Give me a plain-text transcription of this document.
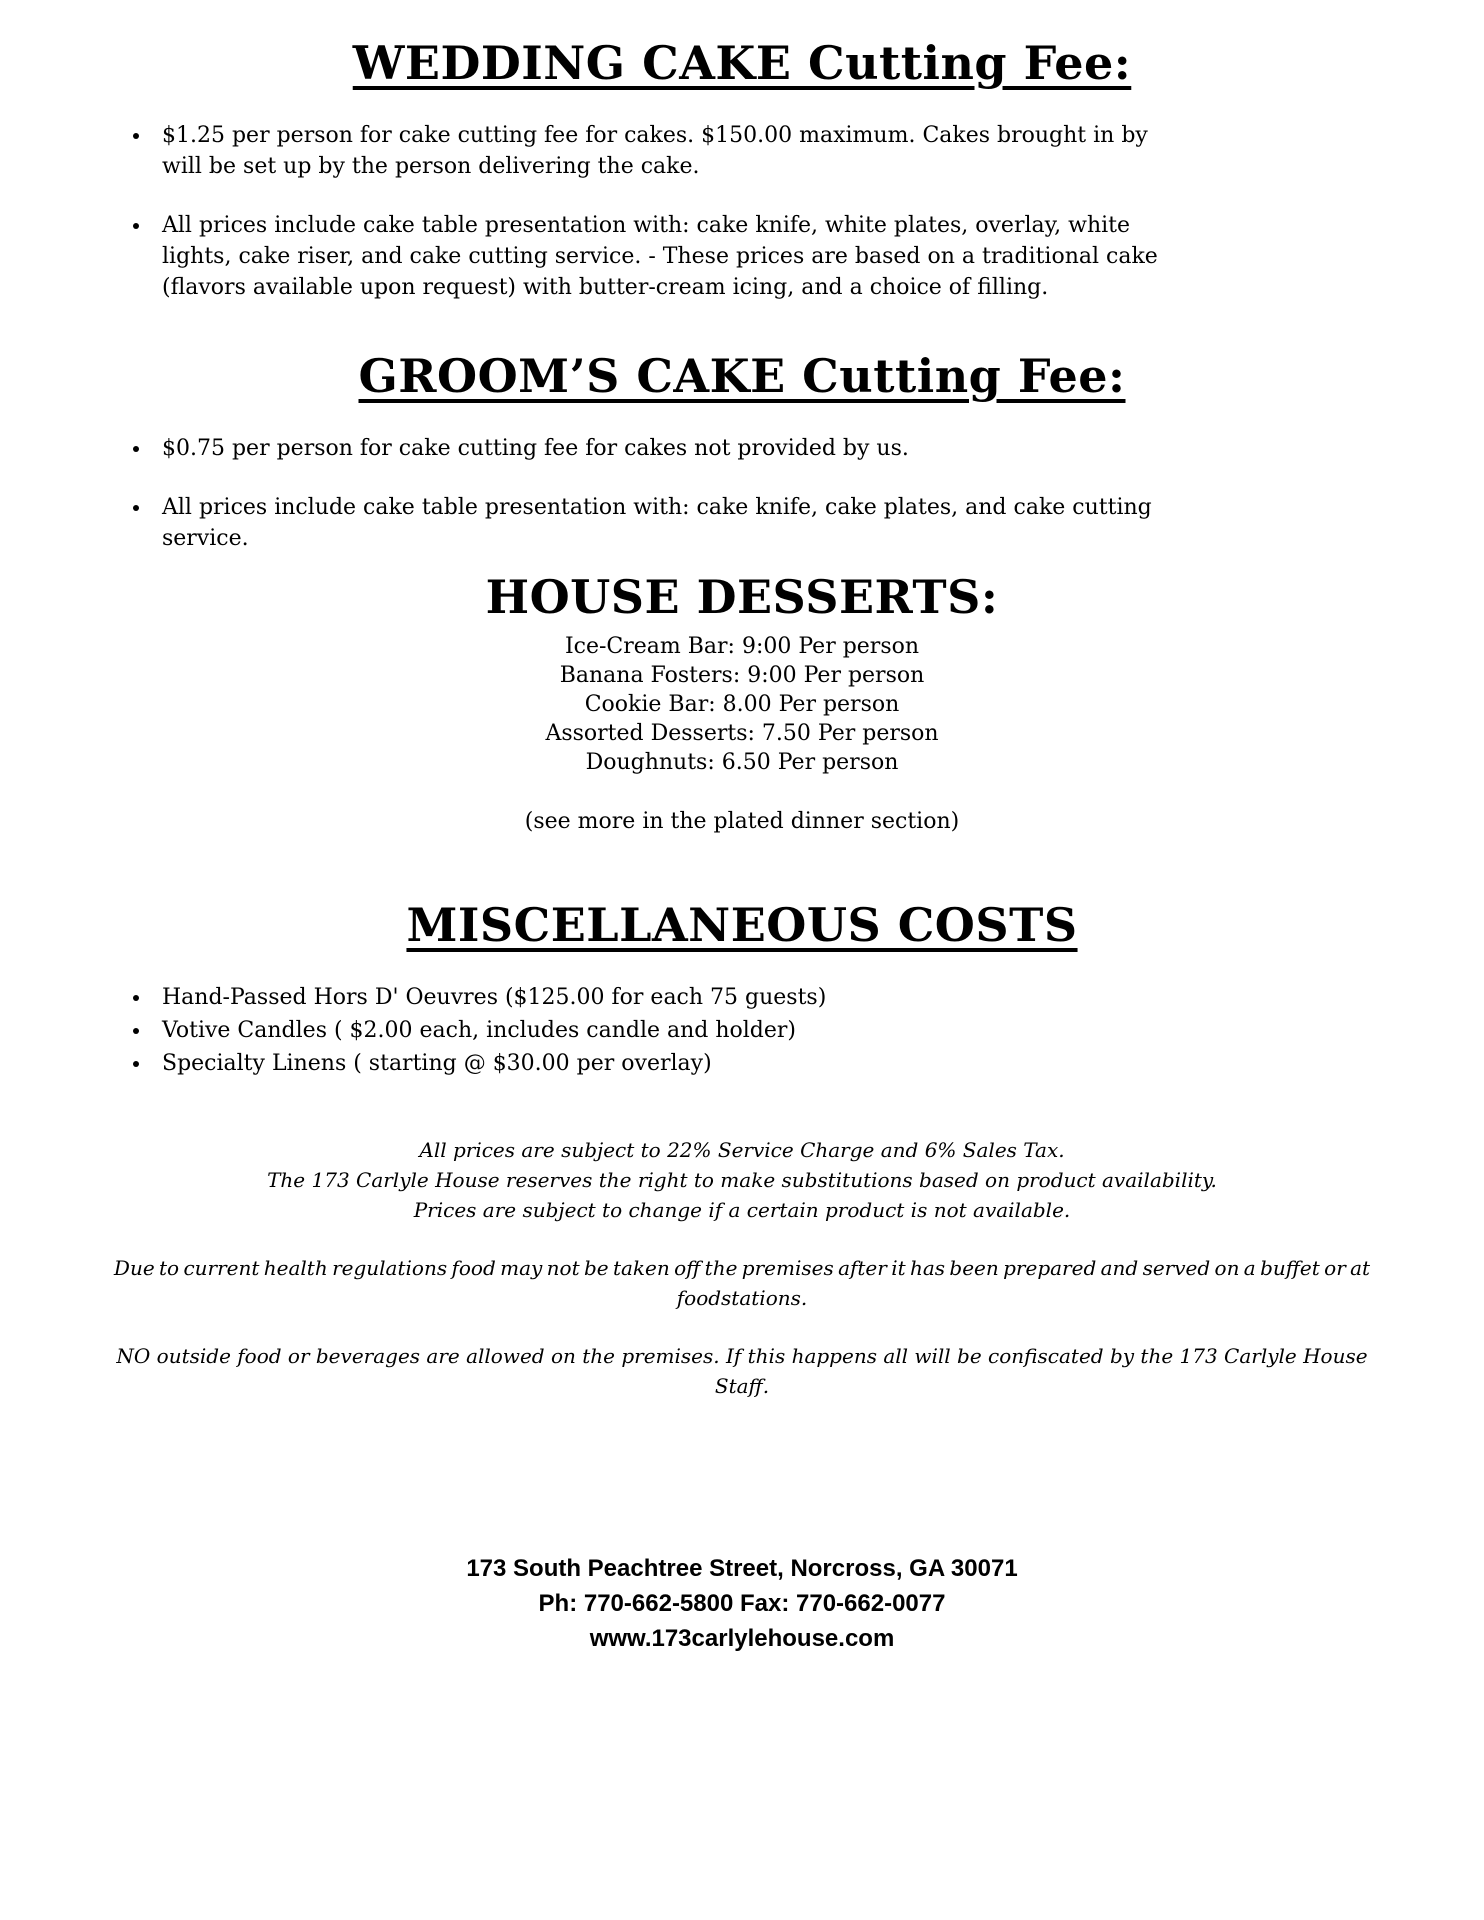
WEDDING CAKE Cutting Fee:
• $1.25 per person for cake cutting fee for cakes. $150.00 maximum. Cakes brought in by will be set up by the person delivering the cake.
• All prices include cake table presentation with: cake knife, white plates, overlay, white lights, cake riser, and cake cutting service. - These prices are based on a traditional cake (flavors available upon request) with butter-cream icing, and a choice of filling.
GROOM’S CAKE Cutting Fee:
• $0.75 per person for cake cutting fee for cakes not provided by us.
• All prices include cake table presentation with: cake knife, cake plates, and cake cutting service.
HOUSE DESSERTS:
Ice-Cream Bar: 9:00 Per person
Banana Fosters: 9:00 Per person
Cookie Bar: 8.00 Per person
Assorted Desserts: 7.50 Per person
Doughnuts: 6.50 Per person
(see more in the plated dinner section)
MISCELLANEOUS COSTS
• Hand-Passed Hors D' Oeuvres ($125.00 for each 75 guests)
• Votive Candles ( $2.00 each, includes candle and holder)
• Specialty Linens ( starting @ $30.00 per overlay)
All prices are subject to 22% Service Charge and 6% Sales Tax.
The 173 Carlyle House reserves the right to make substitutions based on product availability.
Prices are subject to change if a certain product is not available.
Due to current health regulations food may not be taken off the premises after it has been prepared and served on a buffet or at foodstations.
NO outside food or beverages are allowed on the premises. If this happens all will be confiscated by the 173 Carlyle House Staff.
173 South Peachtree Street, Norcross, GA 30071
Ph: 770-662-5800 Fax: 770-662-0077
www.173carlylehouse.com
